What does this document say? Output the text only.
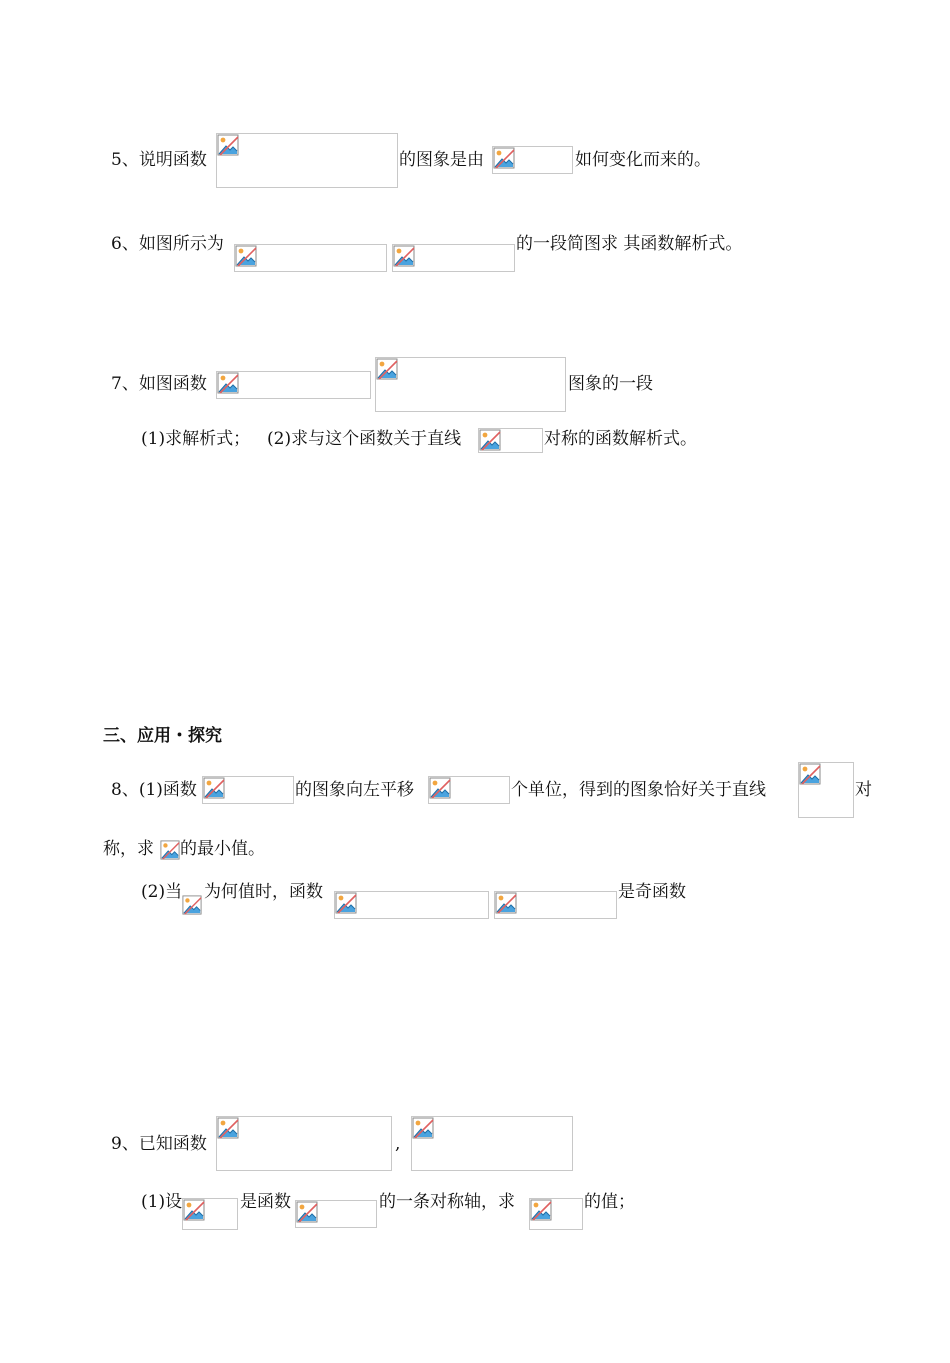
5、说明函数	的图象是由	如何变化而来的。
6、如图所示为	的一段简图求 其函数解析式。
7、如图函数	图象的一段
(1)求解析式； (2)求与这个函数关于直线	对称的函数解析式。
三、应用・探究
8、(1)函数	的图象向左平移	个单位，得到的图象恰好关于直线	对
称，求 的最小值。
(2)当 为何值时，函数	是奇函数
9、已知函数	,
(1)设	是函数	的一条对称轴，求	的值；
